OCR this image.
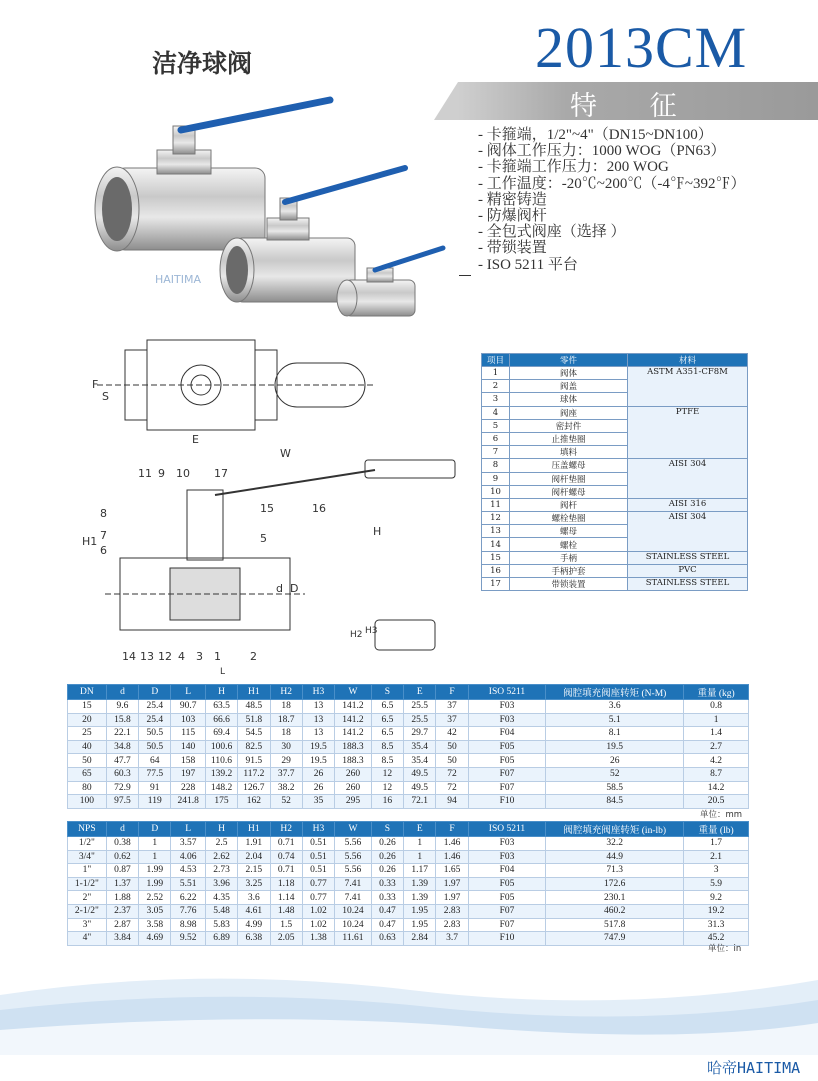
洁净球阀	2013CM
特 征
- 卡箍端，1/2"~4"（DN15~DN100）
- 阀体工作压力：1000 WOG（PN63）
- 卡箍端工作压力：200 WOG
- 工作温度：-20℃~200℃（-4℉~392℉）
- 精密铸造
- 防爆阀杆
- 全包式阀座（选择 ）
- 带锁装置
- ISO 5211 平台
HAITIMA
11 9 10 17
8
7
6
15	16
5
14 13 12 4 3 1	2
F
S
E
W
H
H1
d D
L
H2 H3
项目	零件	材料
1	阀体	ASTM A351-CF8M
2	阀盖	
3	球体	
4	阀座	PTFE
5	密封件	
6	止推垫圈	
7	填料	
8	压盖螺母	AISI 304
9	阀杆垫圈	
10	阀杆螺母	
11	阀杆	AISI 316
12	螺栓垫圈	AISI 304
13	螺母	
14	螺栓	
15	手柄	STAINLESS STEEL
16	手柄护套	PVC
17	带锁装置	STAINLESS STEEL
DN	d	D	L	H	H1	H2	H3	W	S	E	F	ISO 5211	阀腔填充阀座转矩 (N-M)	重量 (kg)
15	9.6	25.4	90.7	63.5	48.5	18	13	141.2	6.5	25.5	37	F03	3.6	0.8
20	15.8	25.4	103	66.6	51.8	18.7	13	141.2	6.5	25.5	37	F03	5.1	1
25	22.1	50.5	115	69.4	54.5	18	13	141.2	6.5	29.7	42	F04	8.1	1.4
40	34.8	50.5	140	100.6	82.5	30	19.5	188.3	8.5	35.4	50	F05	19.5	2.7
50	47.7	64	158	110.6	91.5	29	19.5	188.3	8.5	35.4	50	F05	26	4.2
65	60.3	77.5	197	139.2	117.2	37.7	26	260	12	49.5	72	F07	52	8.7
80	72.9	91	228	148.2	126.7	38.2	26	260	12	49.5	72	F07	58.5	14.2
100	97.5	119	241.8	175	162	52	35	295	16	72.1	94	F10	84.5	20.5
单位：mm
NPS	d	D	L	H	H1	H2	H3	W	S	E	F	ISO 5211	阀腔填充阀座转矩 (in-lb)	重量 (lb)
1/2"	0.38	1	3.57	2.5	1.91	0.71	0.51	5.56	0.26	1	1.46	F03	32.2	1.7
3/4"	0.62	1	4.06	2.62	2.04	0.74	0.51	5.56	0.26	1	1.46	F03	44.9	2.1
1"	0.87	1.99	4.53	2.73	2.15	0.71	0.51	5.56	0.26	1.17	1.65	F04	71.3	3
1-1/2"	1.37	1.99	5.51	3.96	3.25	1.18	0.77	7.41	0.33	1.39	1.97	F05	172.6	5.9
2"	1.88	2.52	6.22	4.35	3.6	1.14	0.77	7.41	0.33	1.39	1.97	F05	230.1	9.2
2-1/2"	2.37	3.05	7.76	5.48	4.61	1.48	1.02	10.24	0.47	1.95	2.83	F07	460.2	19.2
3"	2.87	3.58	8.98	5.83	4.99	1.5	1.02	10.24	0.47	1.95	2.83	F07	517.8	31.3
4"	3.84	4.69	9.52	6.89	6.38	2.05	1.38	11.61	0.63	2.84	3.7	F10	747.9	45.2
单位：in
哈帝HAITIMA
